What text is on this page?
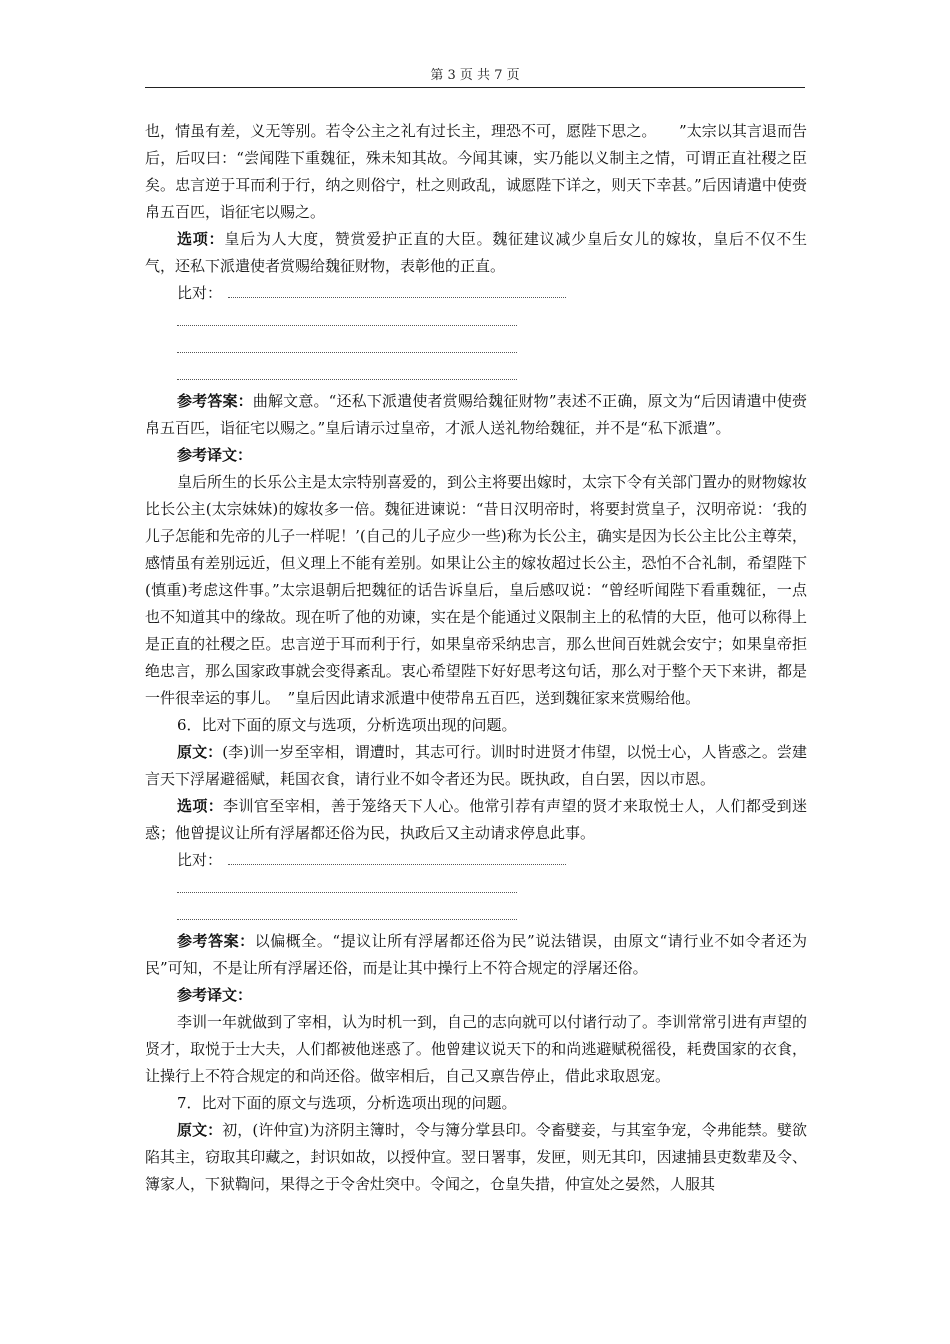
第 3 页 共 7 页

也，情虽有差，义无等别。若令公主之礼有过长主，理恐不可，愿陛下思之。　　”太宗以其言退而告后，后叹曰：“尝闻陛下重魏征，殊未知其故。今闻其谏，实乃能以义制主之情，可谓正直社稷之臣矣。忠言逆于耳而利于行，纳之则俗宁，杜之则政乱，诚愿陛下详之，则天下幸甚。”后因请遣中使赍帛五百匹，诣征宅以赐之。

选项：皇后为人大度，赞赏爱护正直的大臣。魏征建议减少皇后女儿的嫁妆，皇后不仅不生气，还私下派遣使者赏赐给魏征财物，表彰他的正直。

比对：

参考答案：曲解文意。“还私下派遣使者赏赐给魏征财物”表述不正确，原文为“后因请遣中使赍帛五百匹，诣征宅以赐之。”皇后请示过皇帝，才派人送礼物给魏征，并不是“私下派遣”。

参考译文：

皇后所生的长乐公主是太宗特别喜爱的，到公主将要出嫁时，太宗下令有关部门置办的财物嫁妆比长公主(太宗妹妹)的嫁妆多一倍。魏征进谏说：“昔日汉明帝时，将要封赏皇子，汉明帝说：‘我的儿子怎能和先帝的儿子一样呢！’(自己的儿子应少一些)称为长公主，确实是因为长公主比公主尊荣，感情虽有差别远近，但义理上不能有差别。如果让公主的嫁妆超过长公主，恐怕不合礼制，希望陛下(慎重)考虑这件事。”太宗退朝后把魏征的话告诉皇后，皇后感叹说：“曾经听闻陛下看重魏征，一点也不知道其中的缘故。现在听了他的劝谏，实在是个能通过义限制主上的私情的大臣，他可以称得上是正直的社稷之臣。忠言逆于耳而利于行，如果皇帝采纳忠言，那么世间百姓就会安宁；如果皇帝拒绝忠言，那么国家政事就会变得紊乱。衷心希望陛下好好思考这句话，那么对于整个天下来讲，都是一件很幸运的事儿。　”皇后因此请求派遣中使带帛五百匹，送到魏征家来赏赐给他。

6．比对下面的原文与选项，分析选项出现的问题。

原文：(李)训一岁至宰相，谓遭时，其志可行。训时时进贤才伟望，以悦士心，人皆惑之。尝建言天下浮屠避徭赋，耗国衣食，请行业不如令者还为民。既执政，自白罢，因以市恩。

选项：李训官至宰相，善于笼络天下人心。他常引荐有声望的贤才来取悦士人，人们都受到迷惑；他曾提议让所有浮屠都还俗为民，执政后又主动请求停息此事。

比对：

参考答案：以偏概全。“提议让所有浮屠都还俗为民”说法错误，由原文“请行业不如令者还为民”可知，不是让所有浮屠还俗，而是让其中操行上不符合规定的浮屠还俗。

参考译文：

李训一年就做到了宰相，认为时机一到，自己的志向就可以付诸行动了。李训常常引进有声望的贤才，取悦于士大夫，人们都被他迷惑了。他曾建议说天下的和尚逃避赋税徭役，耗费国家的衣食，让操行上不符合规定的和尚还俗。做宰相后，自己又禀告停止，借此求取恩宠。

7．比对下面的原文与选项，分析选项出现的问题。

原文：初，(许仲宣)为济阴主簿时，令与簿分掌县印。令畜嬖妾，与其室争宠，令弗能禁。嬖欲陷其主，窃取其印藏之，封识如故，以授仲宣。翌日署事，发匣，则无其印，因逮捕县吏数辈及令、簿家人，下狱鞫问，果得之于令舍灶突中。令闻之，仓皇失措，仲宣处之晏然，人服其
